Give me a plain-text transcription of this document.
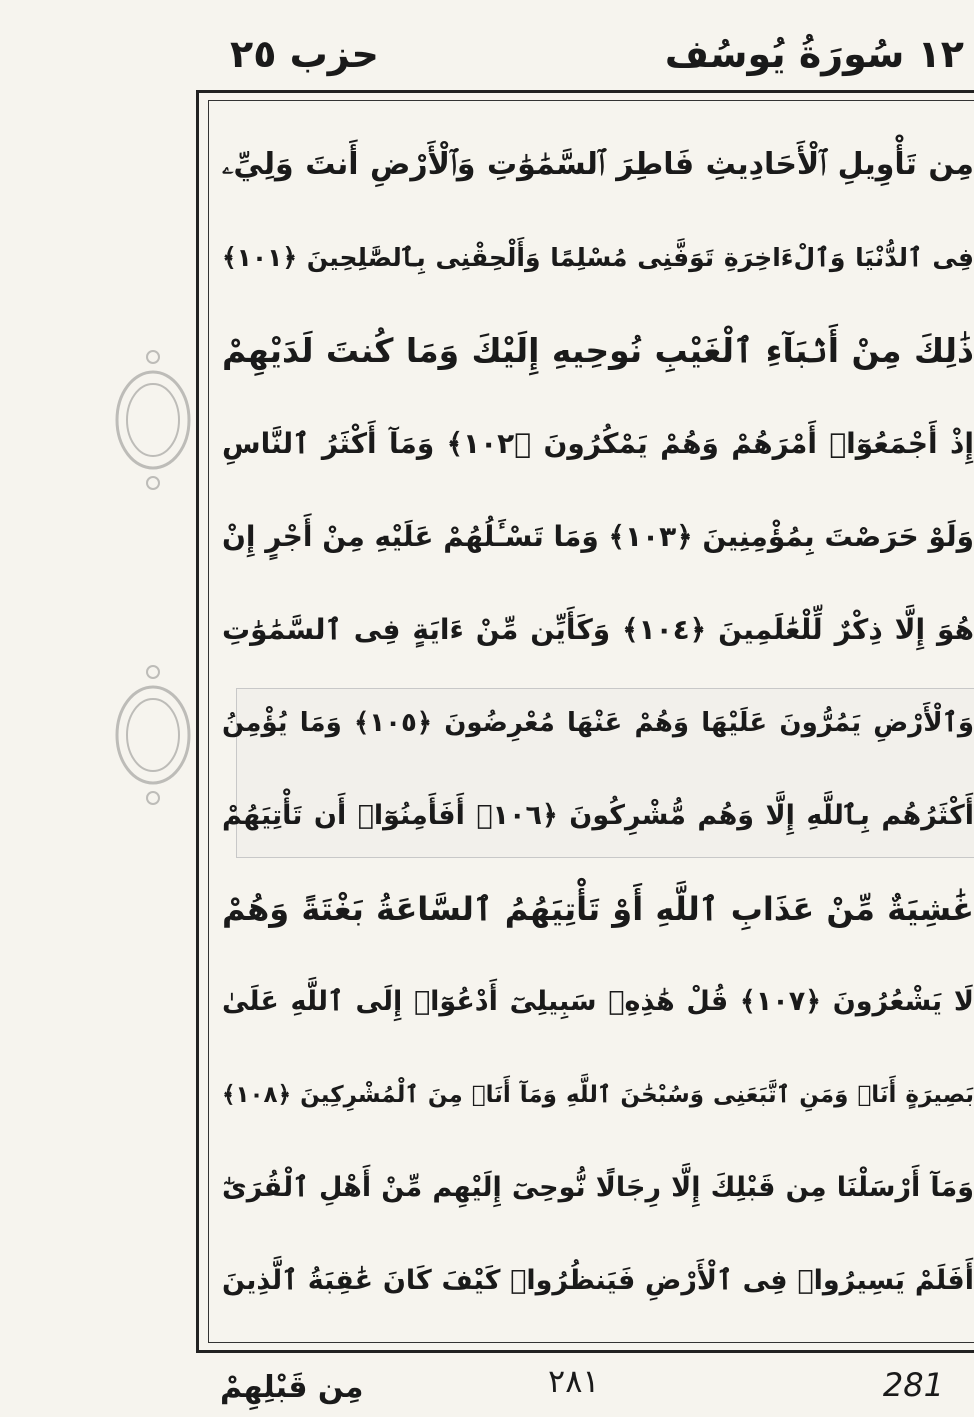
حزب ٢٥	١٢ سُورَةُ يُوسُف
مِن تَأْوِيلِ ٱلْأَحَادِيثِ فَاطِرَ ٱلسَّمَٰوَٰتِ وَٱلْأَرْضِ أَنتَ وَلِيِّۦ
فِى ٱلدُّنْيَا وَٱلْءَاخِرَةِ تَوَفَّنِى مُسْلِمًا وَأَلْحِقْنِى بِٱلصَّٰلِحِينَ ﴿١٠١﴾
ذَٰلِكَ مِنْ أَنۢبَآءِ ٱلْغَيْبِ نُوحِيهِ إِلَيْكَ وَمَا كُنتَ لَدَيْهِمْ
إِذْ أَجْمَعُوٓا۟ أَمْرَهُمْ وَهُمْ يَمْكُرُونَ ﴿١٠٢﴾ وَمَآ أَكْثَرُ ٱلنَّاسِ
وَلَوْ حَرَصْتَ بِمُؤْمِنِينَ ﴿١٠٣﴾ وَمَا تَسْـَٔلُهُمْ عَلَيْهِ مِنْ أَجْرٍ إِنْ
هُوَ إِلَّا ذِكْرٌ لِّلْعَٰلَمِينَ ﴿١٠٤﴾ وَكَأَيِّن مِّنْ ءَايَةٍ فِى ٱلسَّمَٰوَٰتِ
وَٱلْأَرْضِ يَمُرُّونَ عَلَيْهَا وَهُمْ عَنْهَا مُعْرِضُونَ ﴿١٠٥﴾ وَمَا يُؤْمِنُ
أَكْثَرُهُم بِٱللَّهِ إِلَّا وَهُم مُّشْرِكُونَ ﴿١٠٦﴾ أَفَأَمِنُوٓا۟ أَن تَأْتِيَهُمْ
غَٰشِيَةٌ مِّنْ عَذَابِ ٱللَّهِ أَوْ تَأْتِيَهُمُ ٱلسَّاعَةُ بَغْتَةً وَهُمْ
لَا يَشْعُرُونَ ﴿١٠٧﴾ قُلْ هَٰذِهِۦ سَبِيلِىٓ أَدْعُوٓا۟ إِلَى ٱللَّهِ عَلَىٰ
بَصِيرَةٍ أَنَا۠ وَمَنِ ٱتَّبَعَنِى وَسُبْحَٰنَ ٱللَّهِ وَمَآ أَنَا۠ مِنَ ٱلْمُشْرِكِينَ ﴿١٠٨﴾
وَمَآ أَرْسَلْنَا مِن قَبْلِكَ إِلَّا رِجَالًا نُّوحِىٓ إِلَيْهِم مِّنْ أَهْلِ ٱلْقُرَىٰٓ
أَفَلَمْ يَسِيرُوا۟ فِى ٱلْأَرْضِ فَيَنظُرُوا۟ كَيْفَ كَانَ عَٰقِبَةُ ٱلَّذِينَ
مِن قَبْلِهِمْ	٢٨١	281
